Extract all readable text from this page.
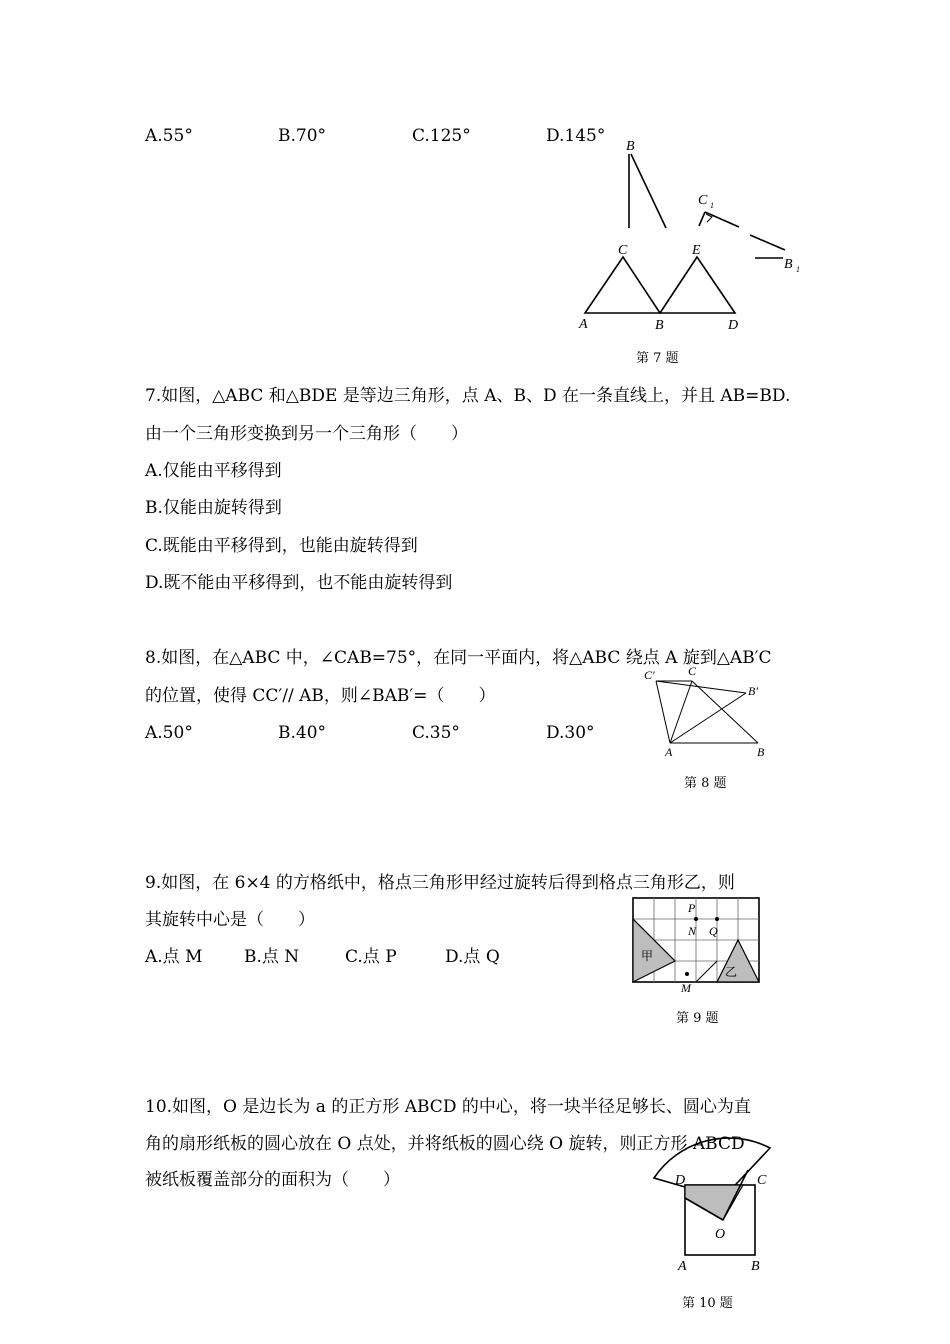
A.55°	B.70°	C.125°	D.145°
B
C 1
B 1
C	E
A	B	D
第 7 题
7.如图，△ABC 和△BDE 是等边三角形，点 A、B、D 在一条直线上，并且 AB=BD.
由一个三角形变换到另一个三角形（　　）
A.仅能由平移得到
B.仅能由旋转得到
C.既能由平移得到，也能由旋转得到
D.既不能由平移得到，也不能由旋转得到
8.如图，在△ABC 中，∠CAB=75°，在同一平面内，将△ABC 绕点 A 旋到△AB′C
的位置，使得 CC′// AB，则∠BAB′=（　　）
A.50°	B.40°	C.35°	D.30°
C′	C
B′
A	B
第 8 题
9.如图，在 6×4 的方格纸中，格点三角形甲经过旋转后得到格点三角形乙，则
其旋转中心是（　　）
A.点 M B.点 N	C.点 P	D.点 Q
P
N Q
甲
乙
M
第 9 题
10.如图，O 是边长为 a 的正方形 ABCD 的中心，将一块半径足够长、圆心为直
角的扇形纸板的圆心放在 O 点处，并将纸板的圆心绕 O 旋转，则正方形 ABCD
被纸板覆盖部分的面积为（　　）	D	C
O
A	B
第 10 题
